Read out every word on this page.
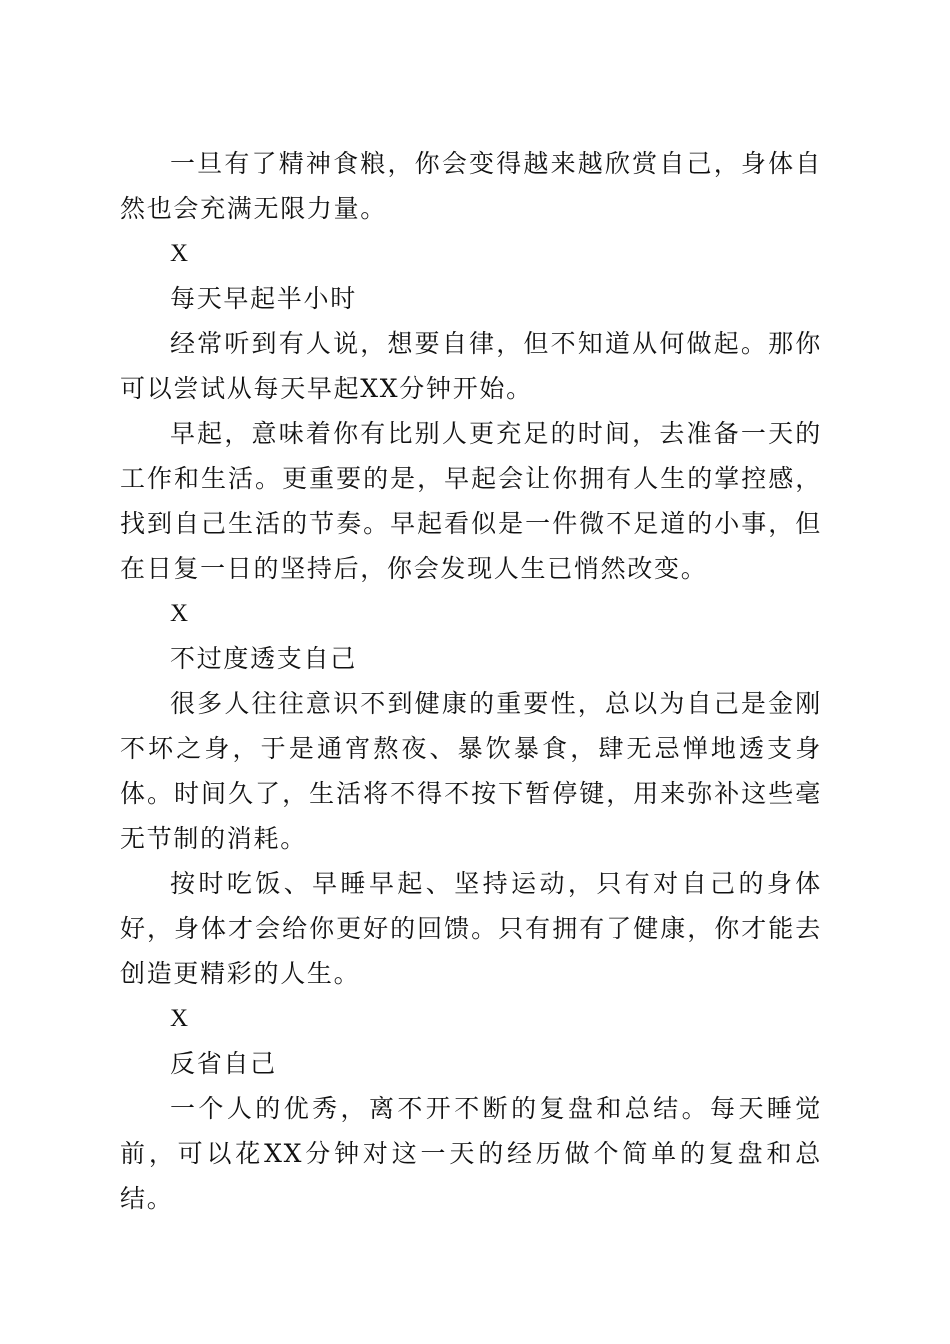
一旦有了精神食粮，你会变得越来越欣赏自己，身体自然也会充满无限力量。

X

每天早起半小时

经常听到有人说，想要自律，但不知道从何做起。那你可以尝试从每天早起XX分钟开始。

早起，意味着你有比别人更充足的时间，去准备一天的工作和生活。更重要的是，早起会让你拥有人生的掌控感，找到自己生活的节奏。早起看似是一件微不足道的小事，但在日复一日的坚持后，你会发现人生已悄然改变。

X

不过度透支自己

很多人往往意识不到健康的重要性，总以为自己是金刚不坏之身，于是通宵熬夜、暴饮暴食，肆无忌惮地透支身体。时间久了，生活将不得不按下暂停键，用来弥补这些毫无节制的消耗。

按时吃饭、早睡早起、坚持运动，只有对自己的身体好，身体才会给你更好的回馈。只有拥有了健康，你才能去创造更精彩的人生。

X

反省自己

一个人的优秀，离不开不断的复盘和总结。每天睡觉前，可以花XX分钟对这一天的经历做个简单的复盘和总结。
